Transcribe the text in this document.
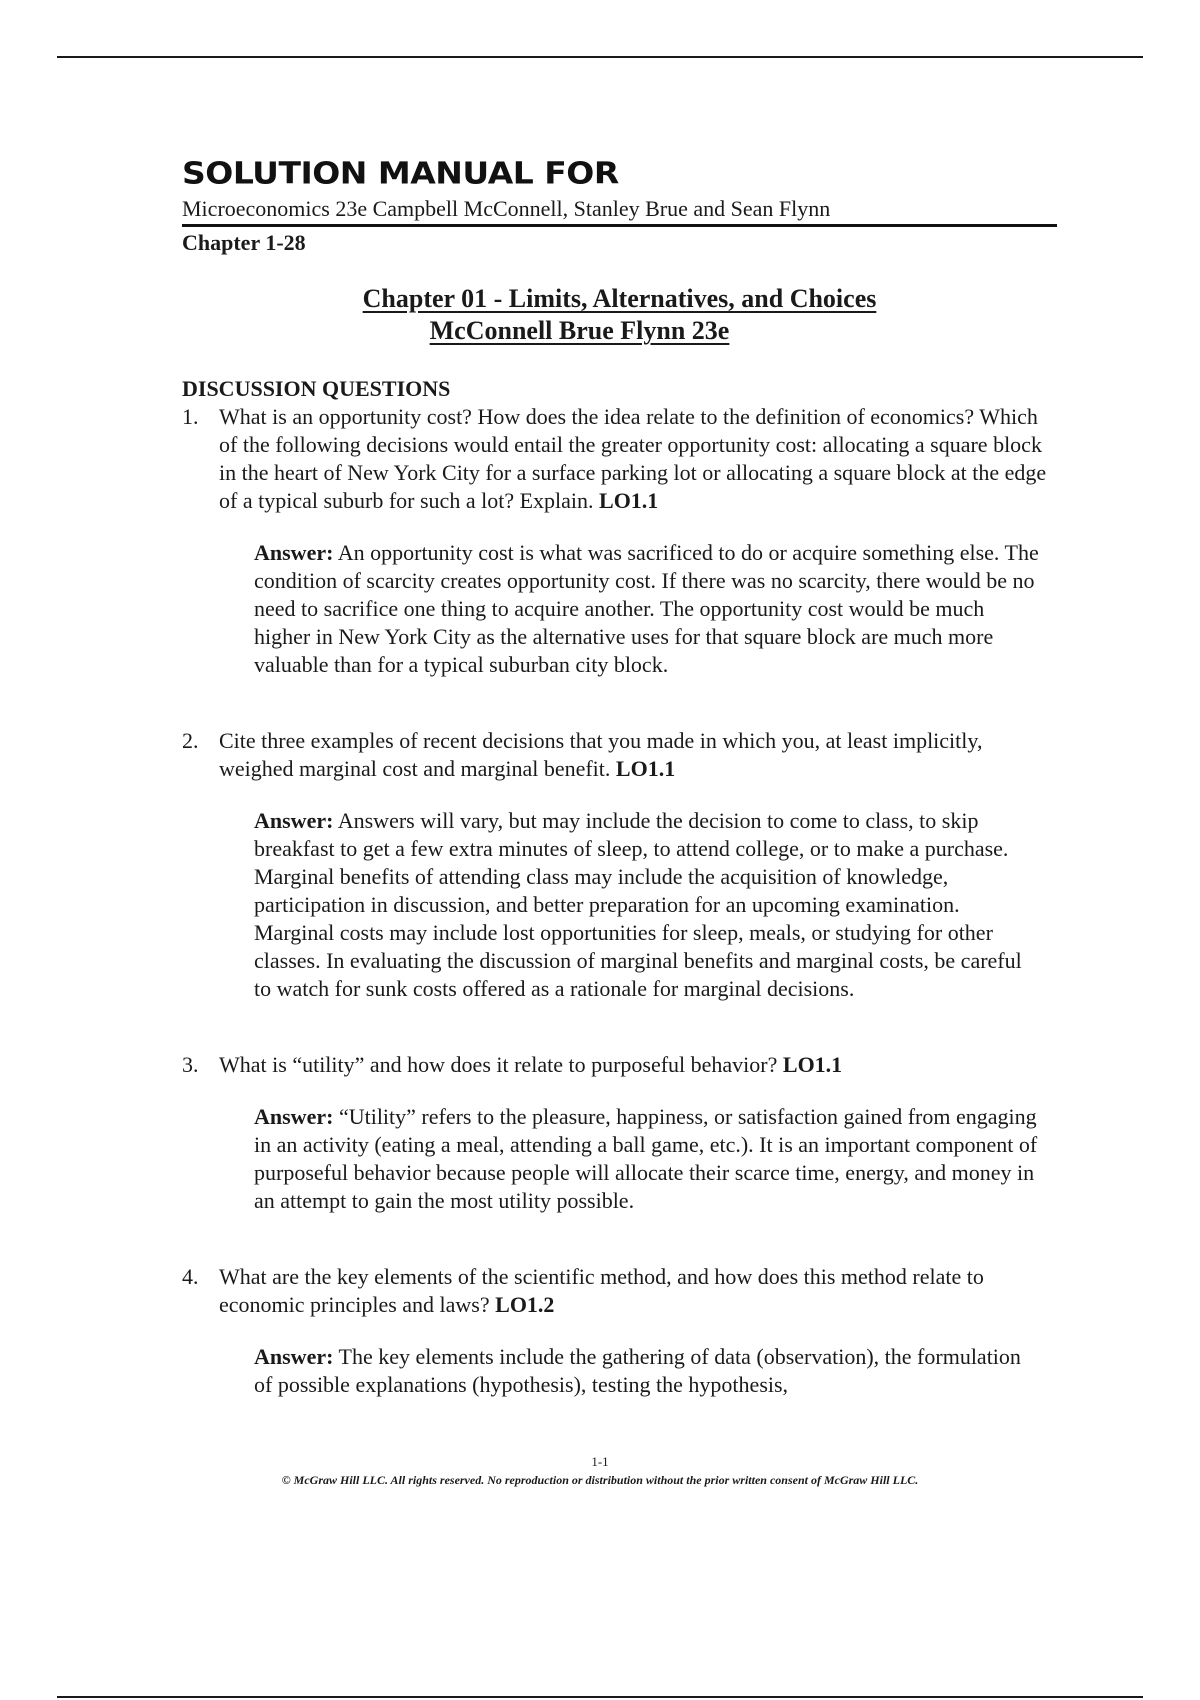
SOLUTION MANUAL FOR
Microeconomics 23e Campbell McConnell, Stanley Brue and Sean Flynn
Chapter 1-28
Chapter 01 - Limits, Alternatives, and Choices
McConnell Brue Flynn 23e
DISCUSSION QUESTIONS
1. What is an opportunity cost? How does the idea relate to the definition of economics? Which of the following decisions would entail the greater opportunity cost: allocating a square block in the heart of New York City for a surface parking lot or allocating a square block at the edge of a typical suburb for such a lot? Explain. LO1.1
Answer: An opportunity cost is what was sacrificed to do or acquire something else. The condition of scarcity creates opportunity cost. If there was no scarcity, there would be no need to sacrifice one thing to acquire another. The opportunity cost would be much higher in New York City as the alternative uses for that square block are much more valuable than for a typical suburban city block.
2. Cite three examples of recent decisions that you made in which you, at least implicitly, weighed marginal cost and marginal benefit. LO1.1
Answer: Answers will vary, but may include the decision to come to class, to skip breakfast to get a few extra minutes of sleep, to attend college, or to make a purchase. Marginal benefits of attending class may include the acquisition of knowledge, participation in discussion, and better preparation for an upcoming examination. Marginal costs may include lost opportunities for sleep, meals, or studying for other classes. In evaluating the discussion of marginal benefits and marginal costs, be careful to watch for sunk costs offered as a rationale for marginal decisions.
3. What is “utility” and how does it relate to purposeful behavior? LO1.1
Answer: “Utility” refers to the pleasure, happiness, or satisfaction gained from engaging in an activity (eating a meal, attending a ball game, etc.). It is an important component of purposeful behavior because people will allocate their scarce time, energy, and money in an attempt to gain the most utility possible.
4. What are the key elements of the scientific method, and how does this method relate to economic principles and laws? LO1.2
Answer: The key elements include the gathering of data (observation), the formulation of possible explanations (hypothesis), testing the hypothesis,
1-1
© McGraw Hill LLC. All rights reserved. No reproduction or distribution without the prior written consent of McGraw Hill LLC.
